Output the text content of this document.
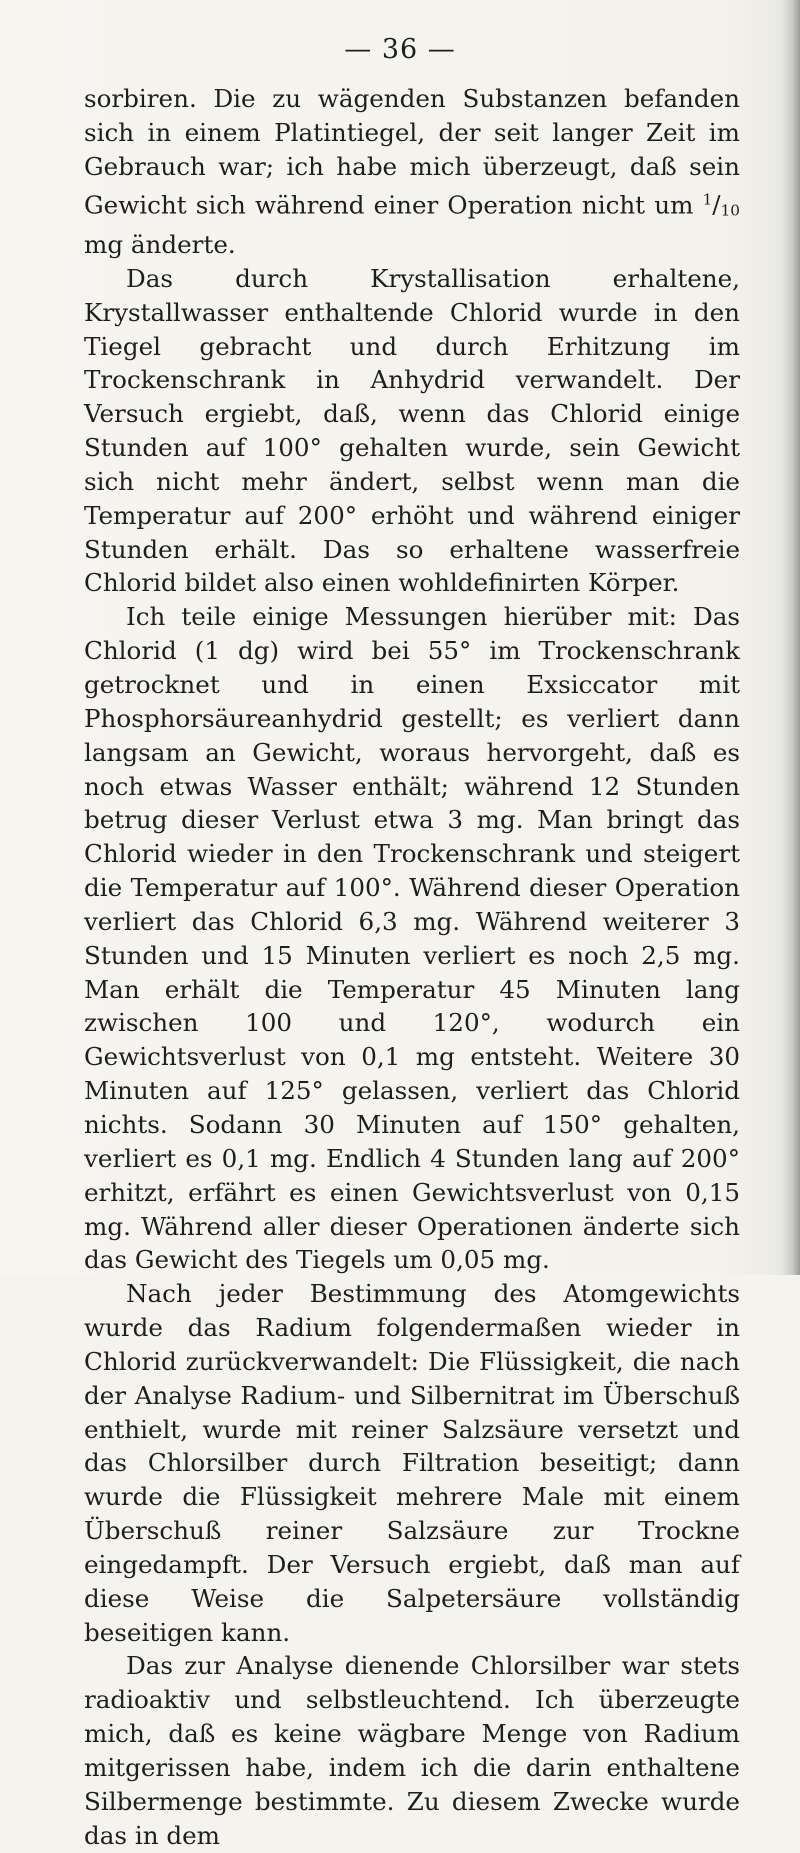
— 36 —

sorbiren. Die zu wägenden Substanzen befanden sich in einem Platintiegel, der seit langer Zeit im Gebrauch war; ich habe mich überzeugt, daß sein Gewicht sich während einer Operation nicht um $^1/_{10}$ mg änderte.

Das durch Krystallisation erhaltene, Krystallwasser enthaltende Chlorid wurde in den Tiegel gebracht und durch Erhitzung im Trockenschrank in Anhydrid verwandelt. Der Versuch ergiebt, daß, wenn das Chlorid einige Stunden auf 100° gehalten wurde, sein Gewicht sich nicht mehr ändert, selbst wenn man die Temperatur auf 200° erhöht und während einiger Stunden erhält. Das so erhaltene wasserfreie Chlorid bildet also einen wohldefinirten Körper.

Ich teile einige Messungen hierüber mit: Das Chlorid (1 dg) wird bei 55° im Trockenschrank getrocknet und in einen Exsiccator mit Phosphorsäureanhydrid gestellt; es verliert dann langsam an Gewicht, woraus hervorgeht, daß es noch etwas Wasser enthält; während 12 Stunden betrug dieser Verlust etwa 3 mg. Man bringt das Chlorid wieder in den Trockenschrank und steigert die Temperatur auf 100°. Während dieser Operation verliert das Chlorid 6,3 mg. Während weiterer 3 Stunden und 15 Minuten verliert es noch 2,5 mg. Man erhält die Temperatur 45 Minuten lang zwischen 100 und 120°, wodurch ein Gewichtsverlust von 0,1 mg entsteht. Weitere 30 Minuten auf 125° gelassen, verliert das Chlorid nichts. Sodann 30 Minuten auf 150° gehalten, verliert es 0,1 mg. Endlich 4 Stunden lang auf 200° erhitzt, erfährt es einen Gewichtsverlust von 0,15 mg. Während aller dieser Operationen änderte sich das Gewicht des Tiegels um 0,05 mg.

Nach jeder Bestimmung des Atomgewichts wurde das Radium folgendermaßen wieder in Chlorid zurückverwandelt: Die Flüssigkeit, die nach der Analyse Radium- und Silbernitrat im Überschuß enthielt, wurde mit reiner Salzsäure versetzt und das Chlorsilber durch Filtration beseitigt; dann wurde die Flüssigkeit mehrere Male mit einem Überschuß reiner Salzsäure zur Trockne eingedampft. Der Versuch ergiebt, daß man auf diese Weise die Salpetersäure vollständig beseitigen kann.

Das zur Analyse dienende Chlorsilber war stets radioaktiv und selbstleuchtend. Ich überzeugte mich, daß es keine wägbare Menge von Radium mitgerissen habe, indem ich die darin enthaltene Silbermenge bestimmte. Zu diesem Zwecke wurde das in dem
